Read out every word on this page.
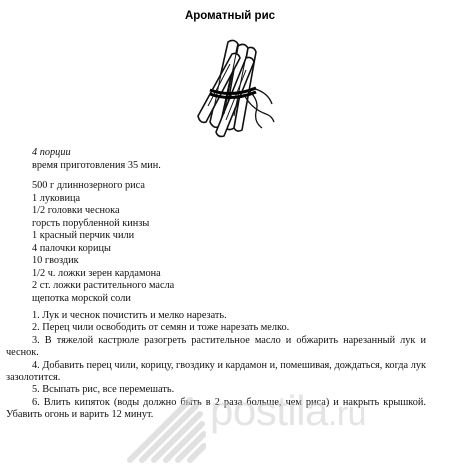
Ароматный рис
4 порции
время приготовления 35 мин.
500 г длиннозерного риса
1 луковица
1/2 головки чеснока
горсть порубленной кинзы
1 красный перчик чили
4 палочки корицы
10 гвоздик
1/2 ч. ложки зерен кардамона
2 ст. ложки растительного масла
щепотка морской соли

1. Лук и чеснок почистить и мелко нарезать.

2. Перец чили освободить от семян и тоже нарезать мелко.

3. В тяжелой кастрюле разогреть растительное масло и обжарить нарезанный лук и чеснок.

4. Добавить перец чили, корицу, гвоздику и кардамон и, помешивая, дождаться, когда лук зазолотится.

5. Всыпать рис, все перемешать.

6. Влить кипяток (воды должно быть в 2 раза больше, чем риса) и накрыть крышкой. Убавить огонь и варить 12 минут.	postila.ru
